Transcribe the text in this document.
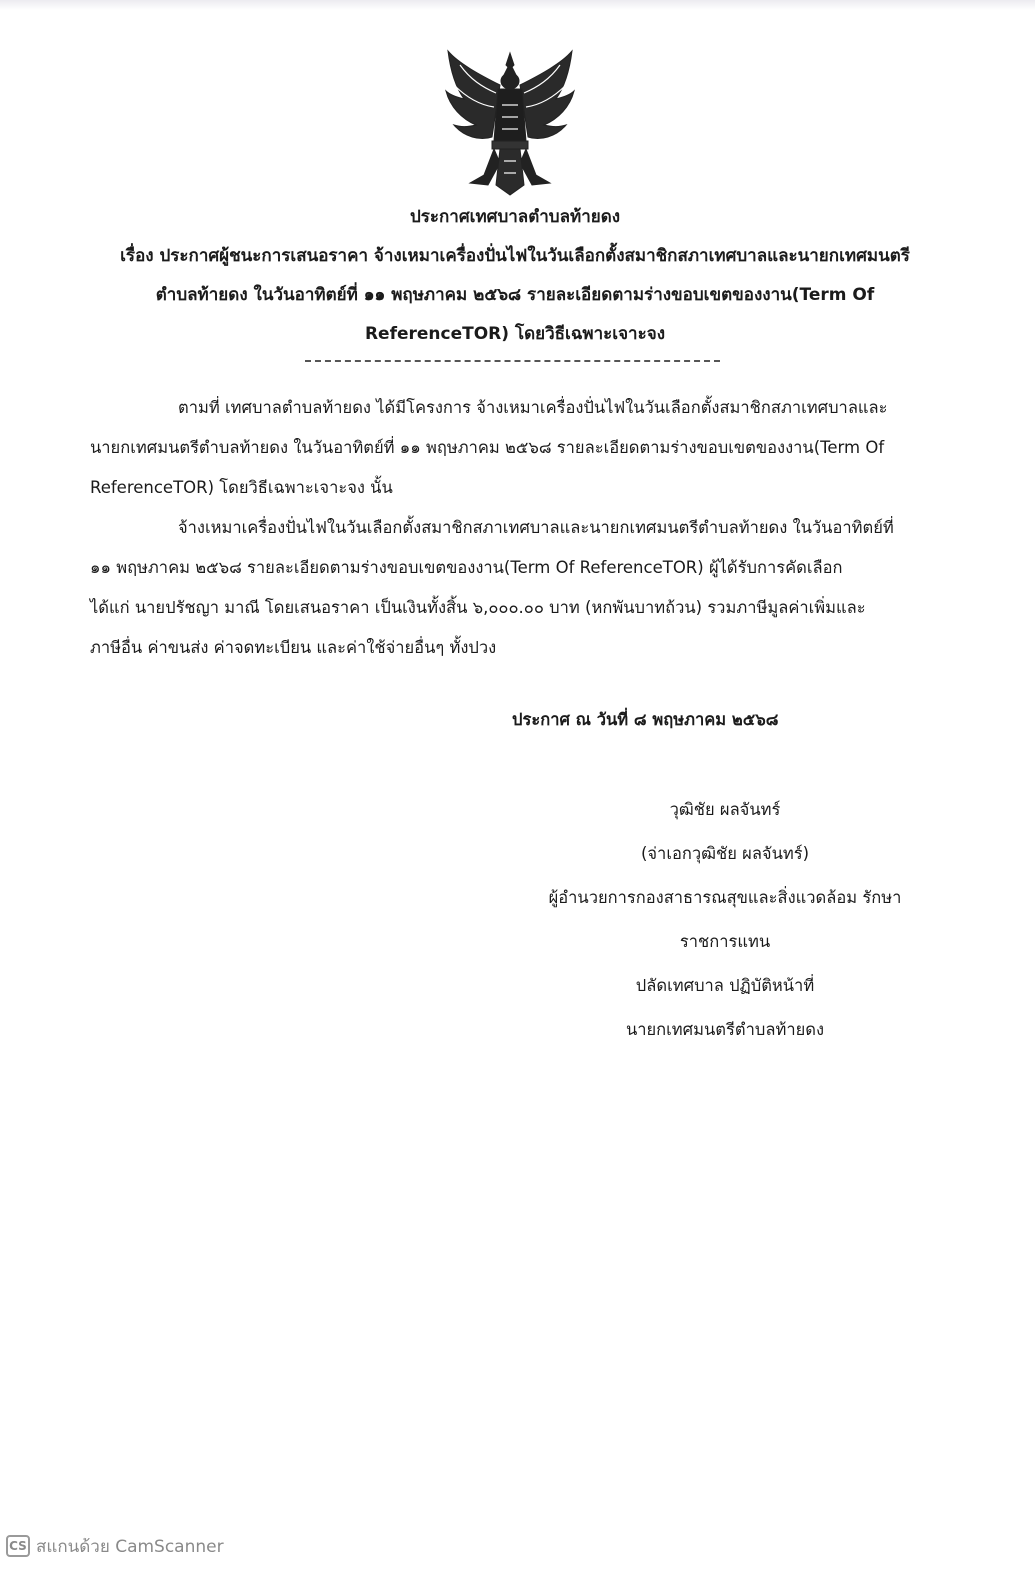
ประกาศเทศบาลตำบลท้ายดง
เรื่อง ประกาศผู้ชนะการเสนอราคา จ้างเหมาเครื่องปั่นไฟในวันเลือกตั้งสมาชิกสภาเทศบาลและนายกเทศมนตรี
ตำบลท้ายดง ในวันอาทิตย์ที่ ๑๑ พฤษภาคม ๒๕๖๘ รายละเอียดตามร่างขอบเขตของงาน(Term Of
ReferenceTOR) โดยวิธีเฉพาะเจาะจง
ตามที่ เทศบาลตำบลท้ายดง ได้มีโครงการ จ้างเหมาเครื่องปั่นไฟในวันเลือกตั้งสมาชิกสภาเทศบาลและ
นายกเทศมนตรีตำบลท้ายดง ในวันอาทิตย์ที่ ๑๑ พฤษภาคม ๒๕๖๘ รายละเอียดตามร่างขอบเขตของงาน(Term Of
ReferenceTOR) โดยวิธีเฉพาะเจาะจง นั้น
จ้างเหมาเครื่องปั่นไฟในวันเลือกตั้งสมาชิกสภาเทศบาลและนายกเทศมนตรีตำบลท้ายดง ในวันอาทิตย์ที่
๑๑ พฤษภาคม ๒๕๖๘ รายละเอียดตามร่างขอบเขตของงาน(Term Of ReferenceTOR) ผู้ได้รับการคัดเลือก
ได้แก่ นายปรัชญา มาณี โดยเสนอราคา เป็นเงินทั้งสิ้น ๖,๐๐๐.๐๐ บาท (หกพันบาทถ้วน) รวมภาษีมูลค่าเพิ่มและ
ภาษีอื่น ค่าขนส่ง ค่าจดทะเบียน และค่าใช้จ่ายอื่นๆ ทั้งปวง
ประกาศ ณ วันที่ ๘ พฤษภาคม ๒๕๖๘
วุฒิชัย ผลจันทร์
(จ่าเอกวุฒิชัย ผลจันทร์)
ผู้อำนวยการกองสาธารณสุขและสิ่งแวดล้อม รักษา
ราชการแทน
ปลัดเทศบาล ปฏิบัติหน้าที่
นายกเทศมนตรีตำบลท้ายดง
CS สแกนด้วย CamScanner
